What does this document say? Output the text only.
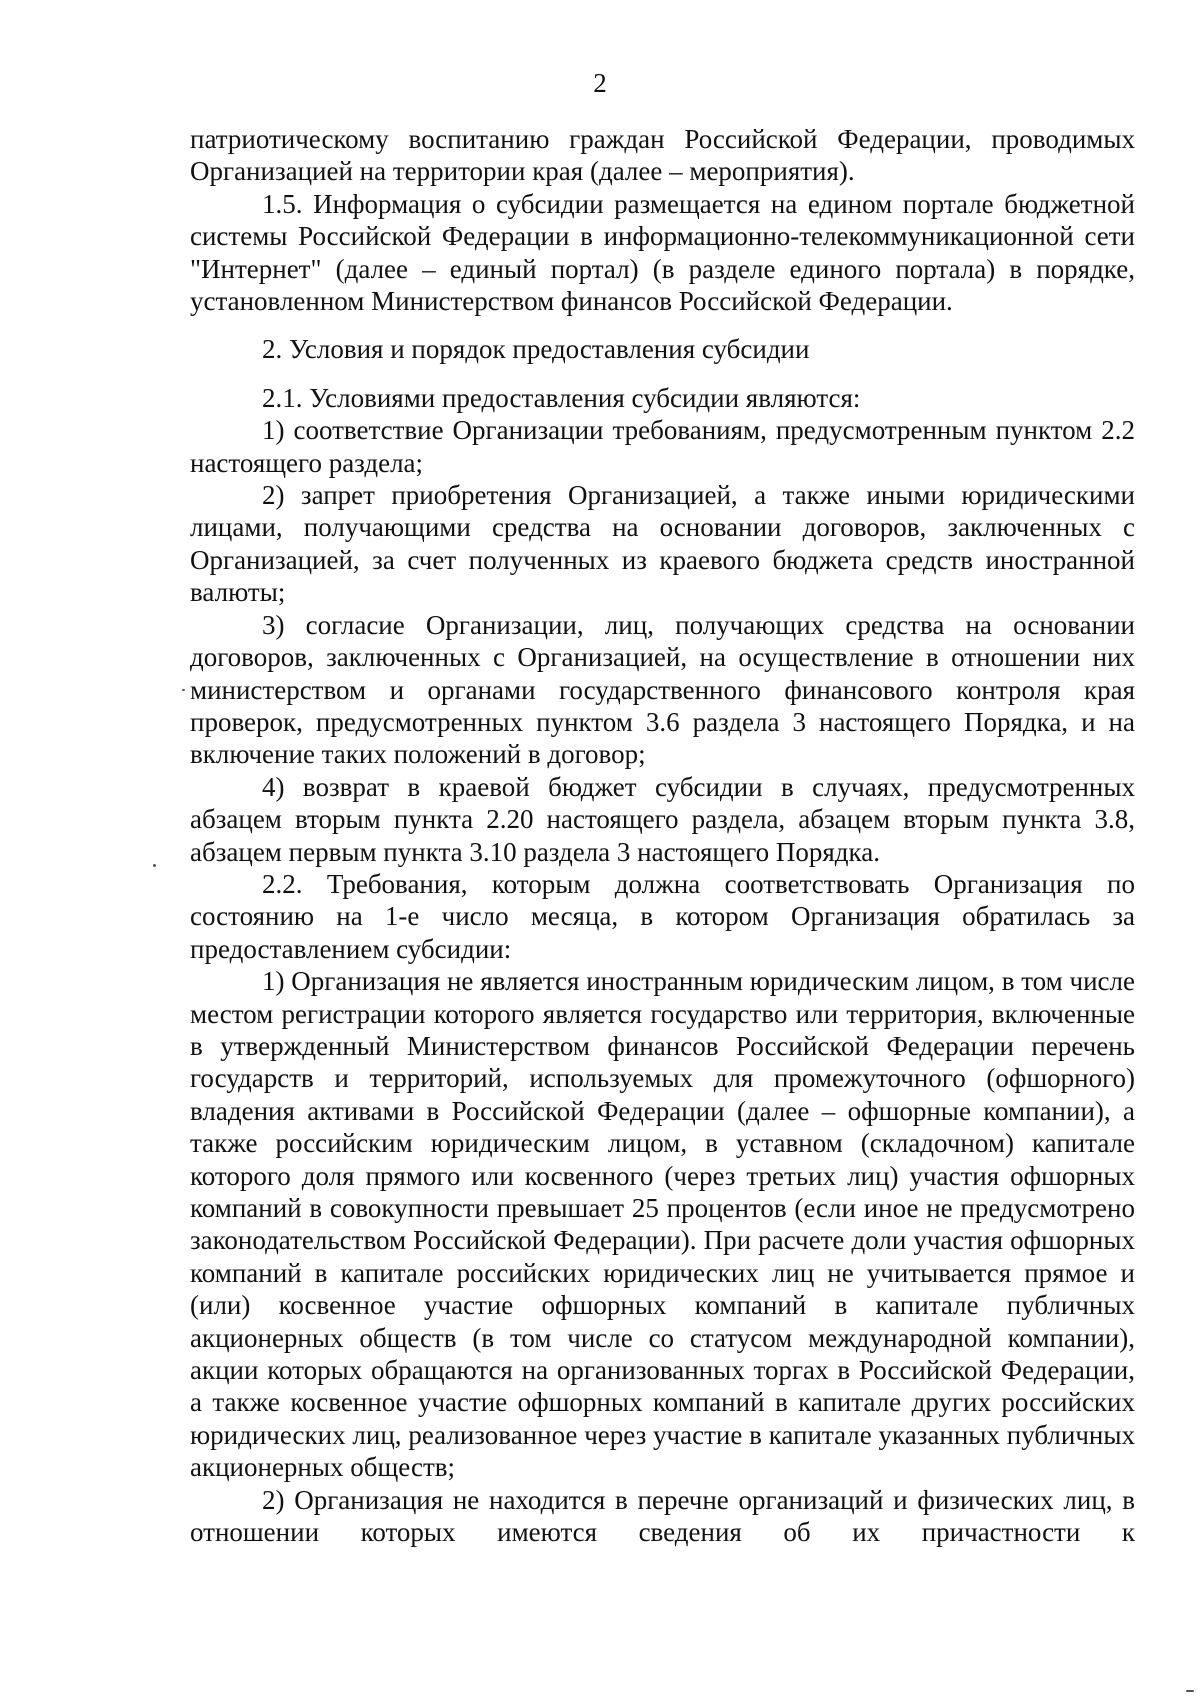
2

патриотическому воспитанию граждан Российской Федерации, проводимых Организацией на территории края (далее – мероприятия).

1.5. Информация о субсидии размещается на едином портале бюджетной системы Российской Федерации в информационно-телекоммуникационной сети "Интернет" (далее – единый портал) (в разделе единого портала) в порядке, установленном Министерством финансов Российской Федерации.

2. Условия и порядок предоставления субсидии

2.1. Условиями предоставления субсидии являются:

1) соответствие Организации требованиям, предусмотренным пунктом 2.2 настоящего раздела;

2) запрет приобретения Организацией, а также иными юридическими лицами, получающими средства на основании договоров, заключенных с Организацией, за счет полученных из краевого бюджета средств иностранной валюты;

3) согласие Организации, лиц, получающих средства на основании договоров, заключенных с Организацией, на осуществление в отношении них министерством и органами государственного финансового контроля края проверок, предусмотренных пунктом 3.6 раздела 3 настоящего Порядка, и на включение таких положений в договор;

4) возврат в краевой бюджет субсидии в случаях, предусмотренных абзацем вторым пункта 2.20 настоящего раздела, абзацем вторым пункта 3.8, абзацем первым пункта 3.10 раздела 3 настоящего Порядка.

2.2. Требования, которым должна соответствовать Организация по состоянию на 1-е число месяца, в котором Организация обратилась за предоставлением субсидии:

1) Организация не является иностранным юридическим лицом, в том числе местом регистрации которого является государство или территория, включенные в утвержденный Министерством финансов Российской Федерации перечень государств и территорий, используемых для промежуточного (офшорного) владения активами в Российской Федерации (далее – офшорные компании), а также российским юридическим лицом, в уставном (складочном) капитале которого доля прямого или косвенного (через третьих лиц) участия офшорных компаний в совокупности превышает 25 процентов (если иное не предусмотрено законодательством Российской Федерации). При расчете доли участия офшорных компаний в капитале российских юридических лиц не учитывается прямое и (или) косвенное участие офшорных компаний в капитале публичных акционерных обществ (в том числе со статусом международной компании), акции которых обращаются на организованных торгах в Российской Федерации, а также косвенное участие офшорных компаний в капитале других российских юридических лиц, реализованное через участие в капитале указанных публичных акционерных обществ;

2) Организация не находится в перечне организаций и физических лиц, в отношении которых имеются сведения об их причастности к
